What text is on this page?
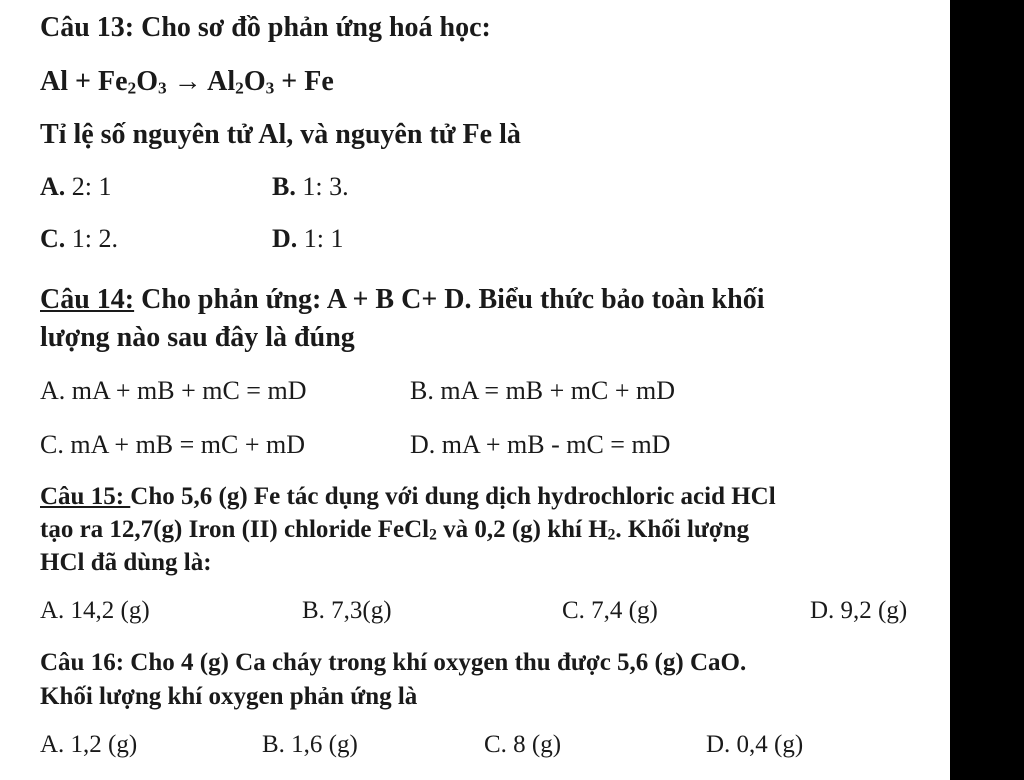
Câu 13: Cho sơ đồ phản ứng hoá học:
$Al + Fe_2O_3 \to Al_2O_3 + Fe$
Tỉ lệ số nguyên tử Al, và nguyên tử Fe là
A. 2: 1	B. 1: 3.
C. 1: 2.	D. 1: 1
Câu 14: Cho phản ứng: A + B C+ D. Biểu thức bảo toàn khối
lượng nào sau đây là đúng
A. mA + mB + mC = mD	B. mA = mB + mC + mD
C. mA + mB = mC + mD	D. mA + mB - mC = mD
Câu 15: Cho 5,6 (g) Fe tác dụng với dung dịch hydrochloric acid HCl
tạo ra 12,7(g) Iron (II) chloride FeCl2 và 0,2 (g) khí H2. Khối lượng
HCl đã dùng là:
A. 14,2 (g)	B. 7,3(g)	C. 7,4 (g)	D. 9,2 (g)
Câu 16: Cho 4 (g) Ca cháy trong khí oxygen thu được 5,6 (g) CaO.
Khối lượng khí oxygen phản ứng là
A. 1,2 (g)	B. 1,6 (g)	C. 8 (g)	D. 0,4 (g)
